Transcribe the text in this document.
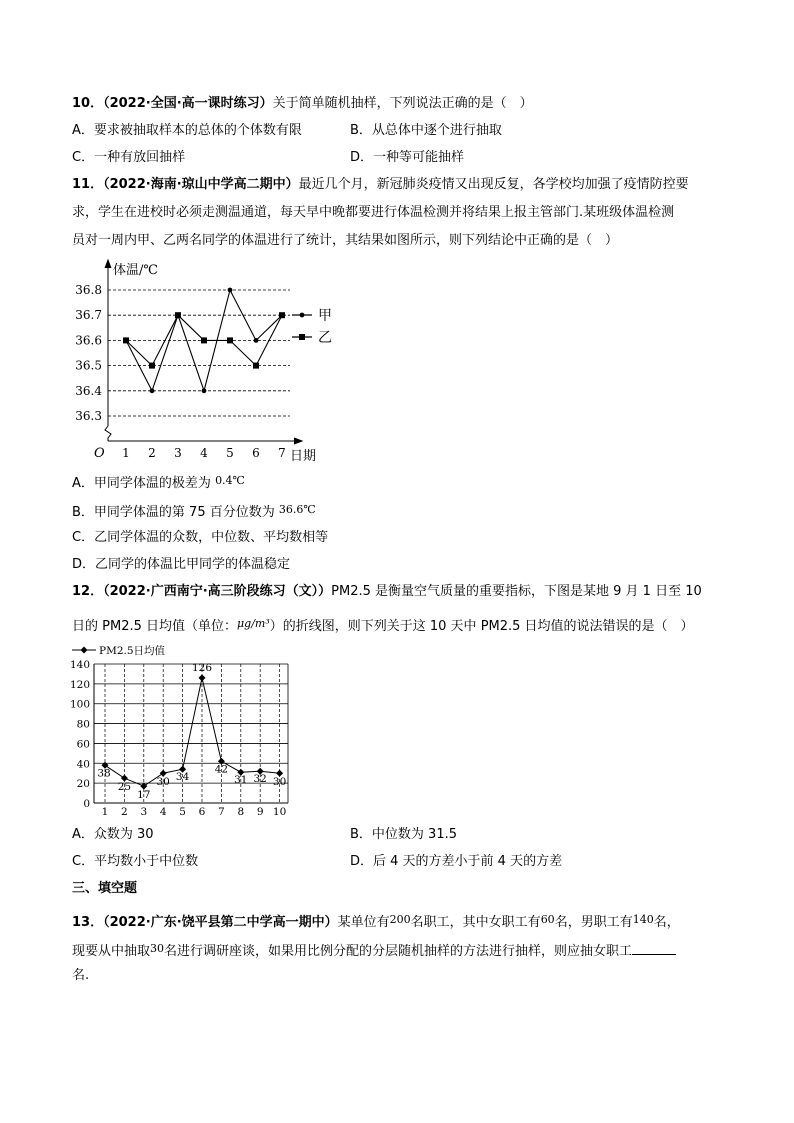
10．（2022·全国·高一课时练习）关于简单随机抽样，下列说法正确的是（　）
A．要求被抽取样本的总体的个体数有限	B．从总体中逐个进行抽取
C．一种有放回抽样	D．一种等可能抽样
11．（2022·海南·琼山中学高二期中）最近几个月，新冠肺炎疫情又出现反复，各学校均加强了疫情防控要
求，学生在进校时必须走测温通道，每天早中晚都要进行体温检测并将结果上报主管部门.某班级体温检测
员对一周内甲、乙两名同学的体温进行了统计，其结果如图所示，则下列结论中正确的是（　）
36.3
36.4
36.5
36.6
36.7
36.8
体温/℃
O 1 2 3 4 5 6 7 日期
甲
乙
A．甲同学体温的极差为 $^{0.4℃}$
B．甲同学体温的第 75 百分位数为 $^{36.6℃}$
C．乙同学体温的众数，中位数、平均数相等
D．乙同学的体温比甲同学的体温稳定
12．（2022·广西南宁·高三阶段练习（文））PM2.5 是衡量空气质量的重要指标，下图是某地 9 月 1 日至 10
日的 PM2.5 日均值（单位：$^{\mu g/m^3}$）的折线图，则下列关于这 10 天中 PM2.5 日均值的说法错误的是（　）
0
20
40
60
80
100
120
140
1 2 3 4 5 6 7 8 9 10
38
25
17
30 34
126
42
31 32 30
PM2.5日均值
A．众数为 30	B．中位数为 31.5
C．平均数小于中位数	D．后 4 天的方差小于前 4 天的方差
三、填空题
13．（2022·广东·饶平县第二中学高一期中）某单位有$^{200}$名职工，其中女职工有$^{60}$名，男职工有$^{140}$名，
现要从中抽取$^{30}$名进行调研座谈，如果用比例分配的分层随机抽样的方法进行抽样，则应抽女职工
名.
